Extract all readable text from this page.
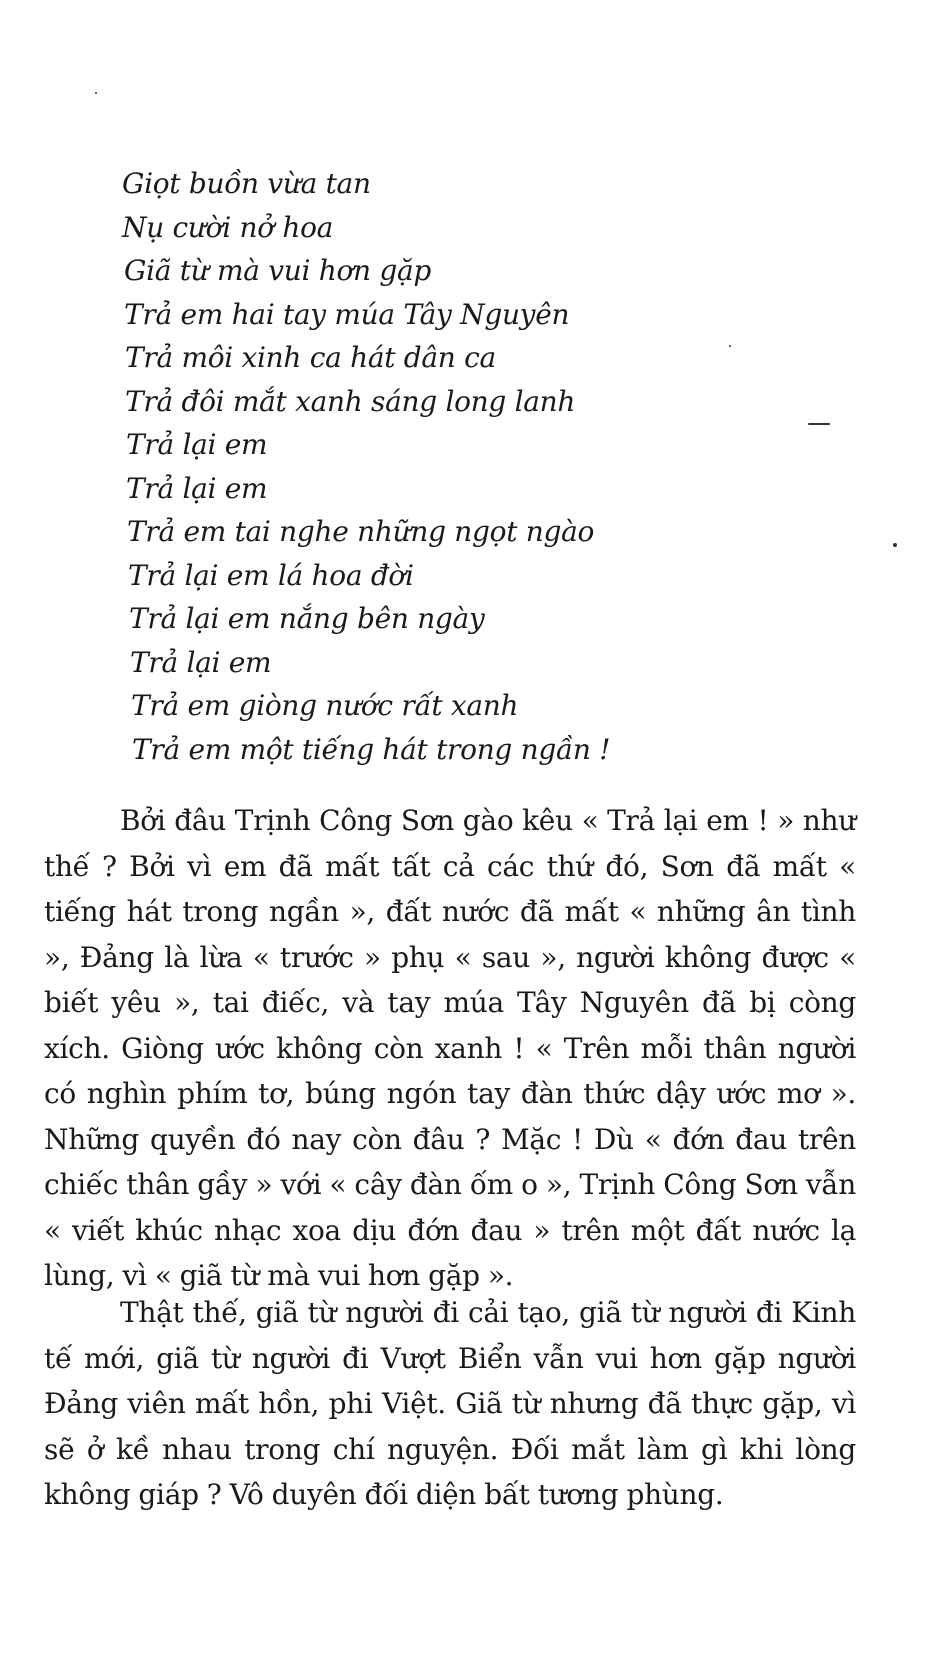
Giọt buồn vừa tan
Nụ cười nở hoa
Giã từ mà vui hơn gặp
Trả em hai tay múa Tây Nguyên
Trả môi xinh ca hát dân ca
Trả đôi mắt xanh sáng long lanh
Trả lại em
Trả lại em
Trả em tai nghe những ngọt ngào
Trả lại em lá hoa đời
Trả lại em nắng bên ngày
Trả lại em
Trả em giòng nước rất xanh
Trả em một tiếng hát trong ngần !

Bởi đâu Trịnh Công Sơn gào kêu « Trả lại em ! » như thế ? Bởi vì em đã mất tất cả các thứ đó, Sơn đã mất « tiếng hát trong ngần », đất nước đã mất « những ân tình », Đảng là lừa « trước » phụ « sau », người không được « biết yêu », tai điếc, và tay múa Tây Nguyên đã bị còng xích. Giòng ước không còn xanh ! « Trên mỗi thân người có nghìn phím tơ, búng ngón tay đàn thức dậy ước mơ ». Những quyền đó nay còn đâu ? Mặc ! Dù « đớn đau trên chiếc thân gầy » với « cây đàn ốm o », Trịnh Công Sơn vẫn « viết khúc nhạc xoa dịu đớn đau » trên một đất nước lạ lùng, vì « giã từ mà vui hơn gặp ».

Thật thế, giã từ người đi cải tạo, giã từ người đi Kinh tế mới, giã từ người đi Vượt Biển vẫn vui hơn gặp người Đảng viên mất hồn, phi Việt. Giã từ nhưng đã thực gặp, vì sẽ ở kề nhau trong chí nguyện. Đối mắt làm gì khi lòng không giáp ? Vô duyên đối diện bất tương phùng.
